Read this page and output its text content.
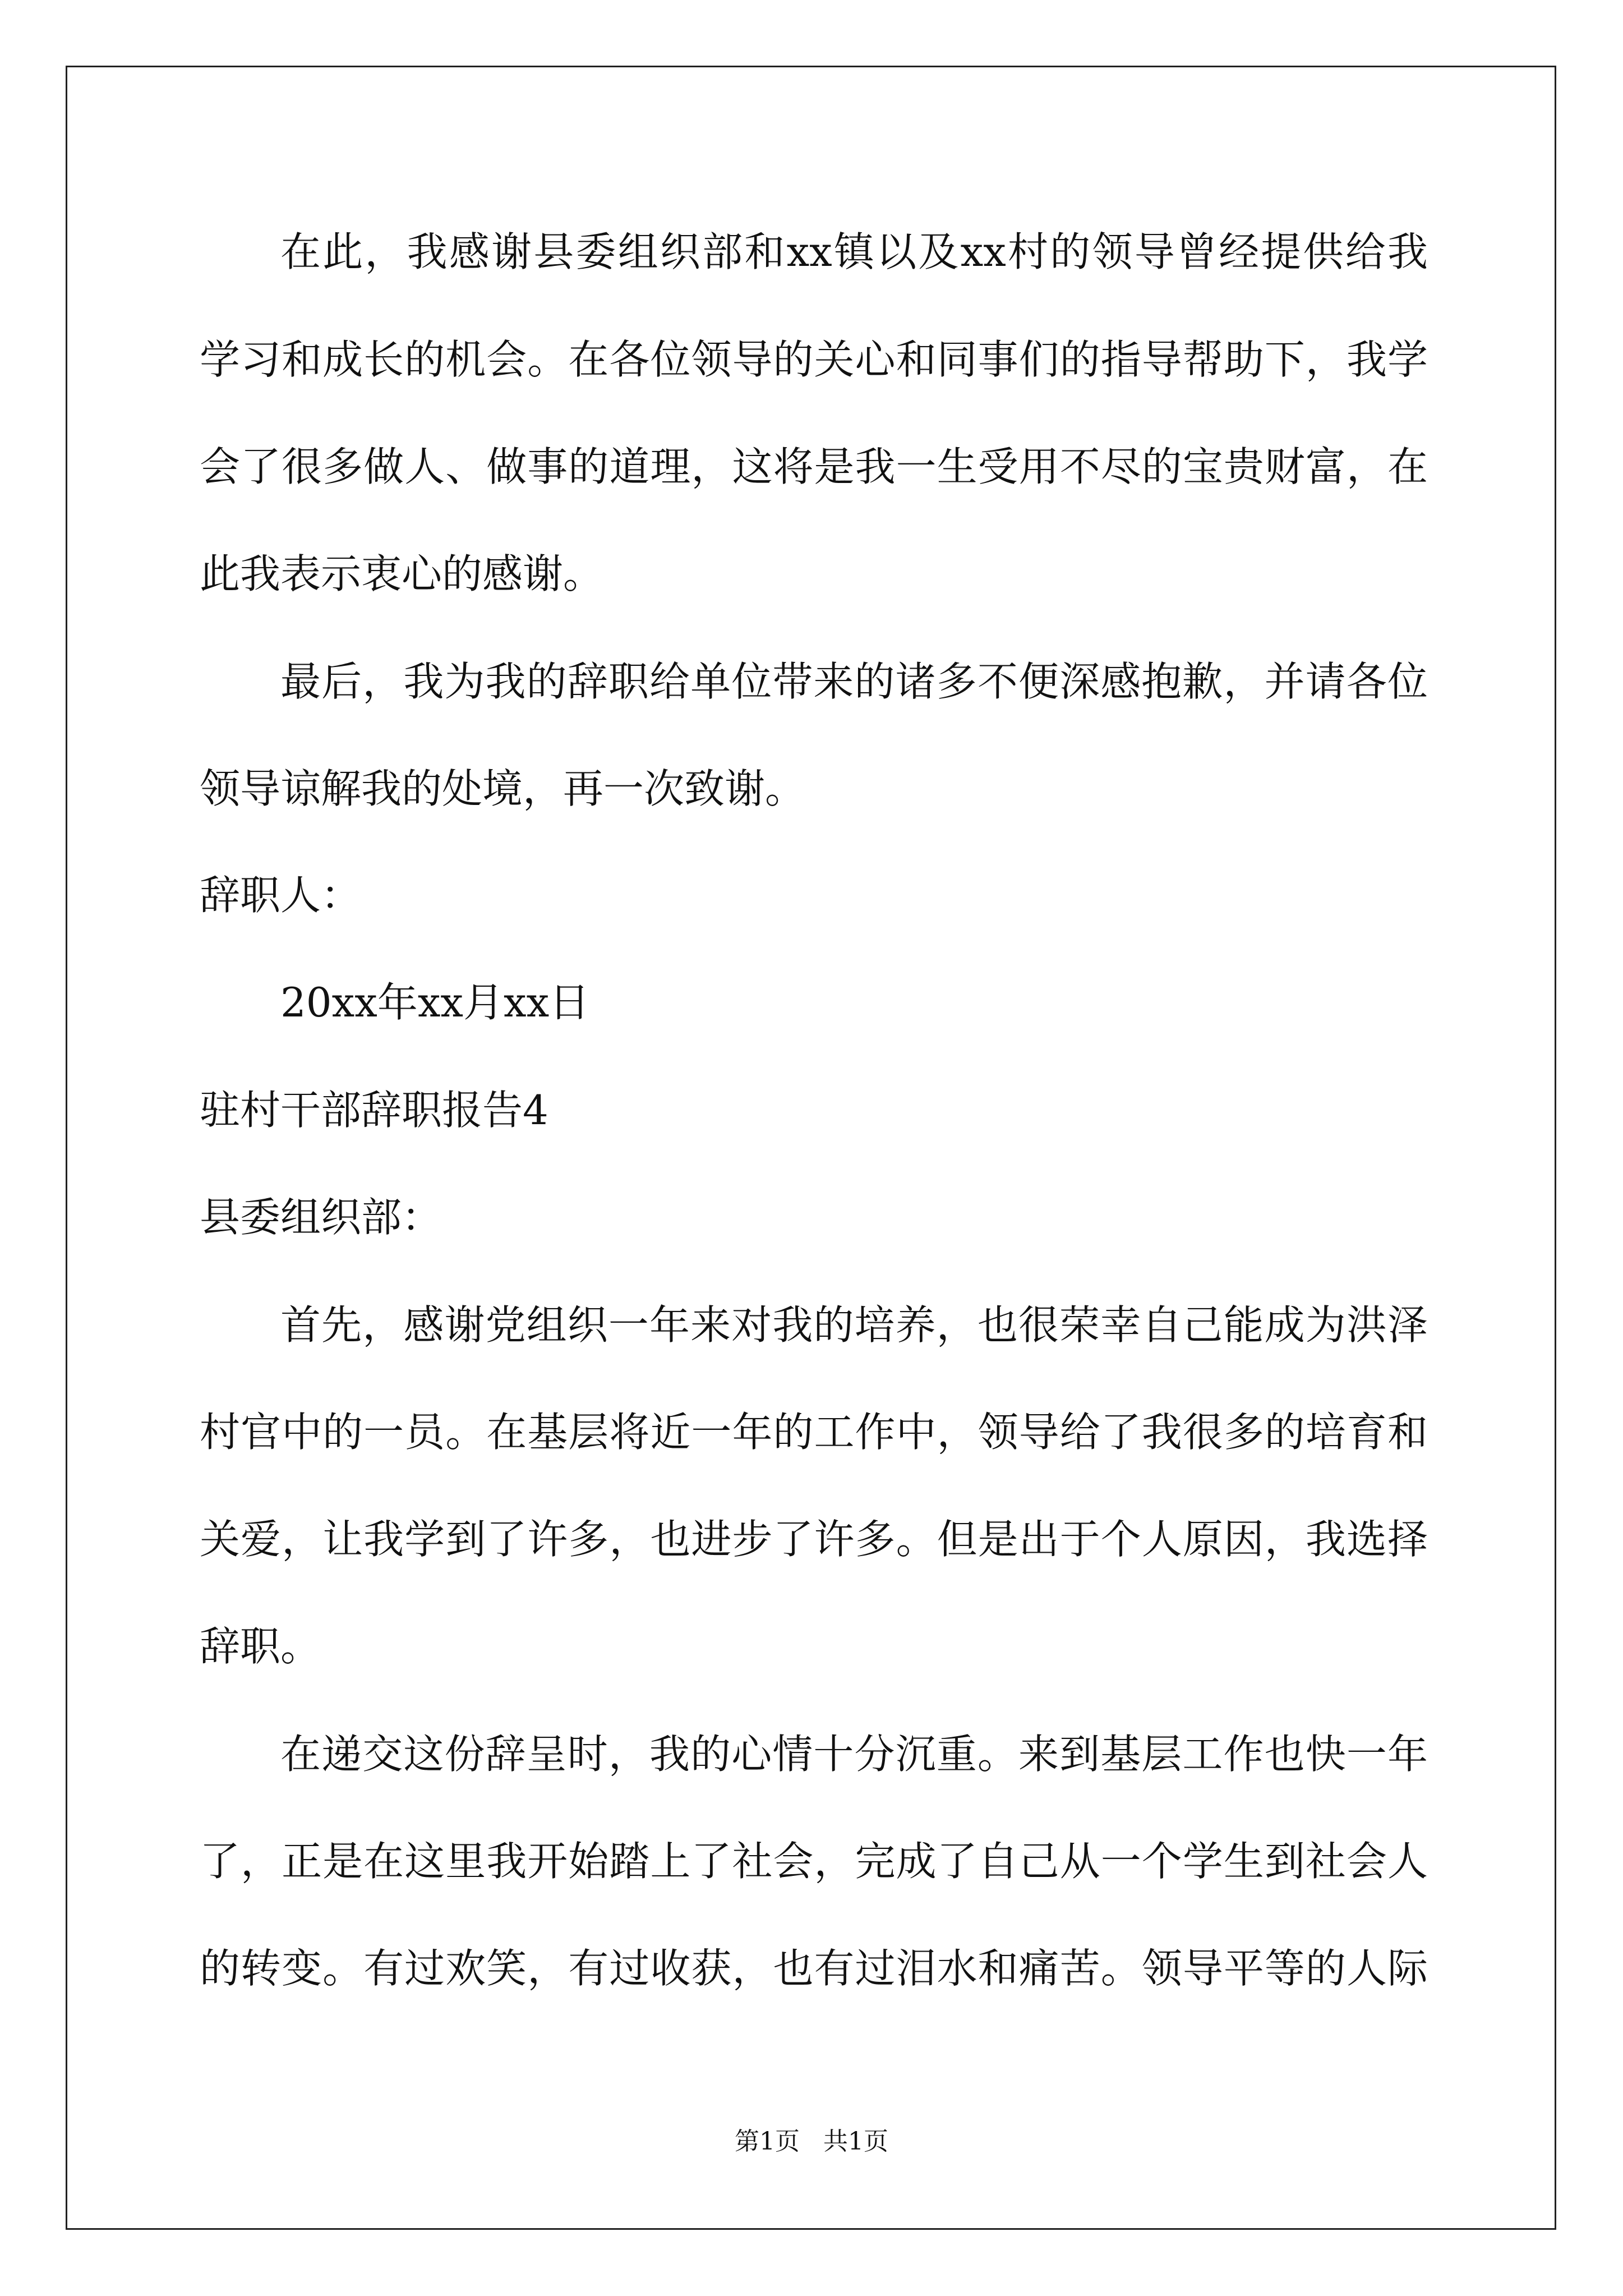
在此，我感谢县委组织部和xx镇以及xx村的领导曾经提供给我

学习和成长的机会。在各位领导的关心和同事们的指导帮助下，我学

会了很多做人、做事的道理，这将是我一生受用不尽的宝贵财富，在

此我表示衷心的感谢。

最后，我为我的辞职给单位带来的诸多不便深感抱歉，并请各位

领导谅解我的处境，再一次致谢。

辞职人：

20xx年xx月xx日

驻村干部辞职报告4

县委组织部：

首先，感谢党组织一年来对我的培养，也很荣幸自己能成为洪泽

村官中的一员。在基层将近一年的工作中，领导给了我很多的培育和

关爱，让我学到了许多，也进步了许多。但是出于个人原因，我选择

辞职。

在递交这份辞呈时，我的心情十分沉重。来到基层工作也快一年

了，正是在这里我开始踏上了社会，完成了自己从一个学生到社会人

的转变。有过欢笑，有过收获，也有过泪水和痛苦。领导平等的人际

第1页   共1页
